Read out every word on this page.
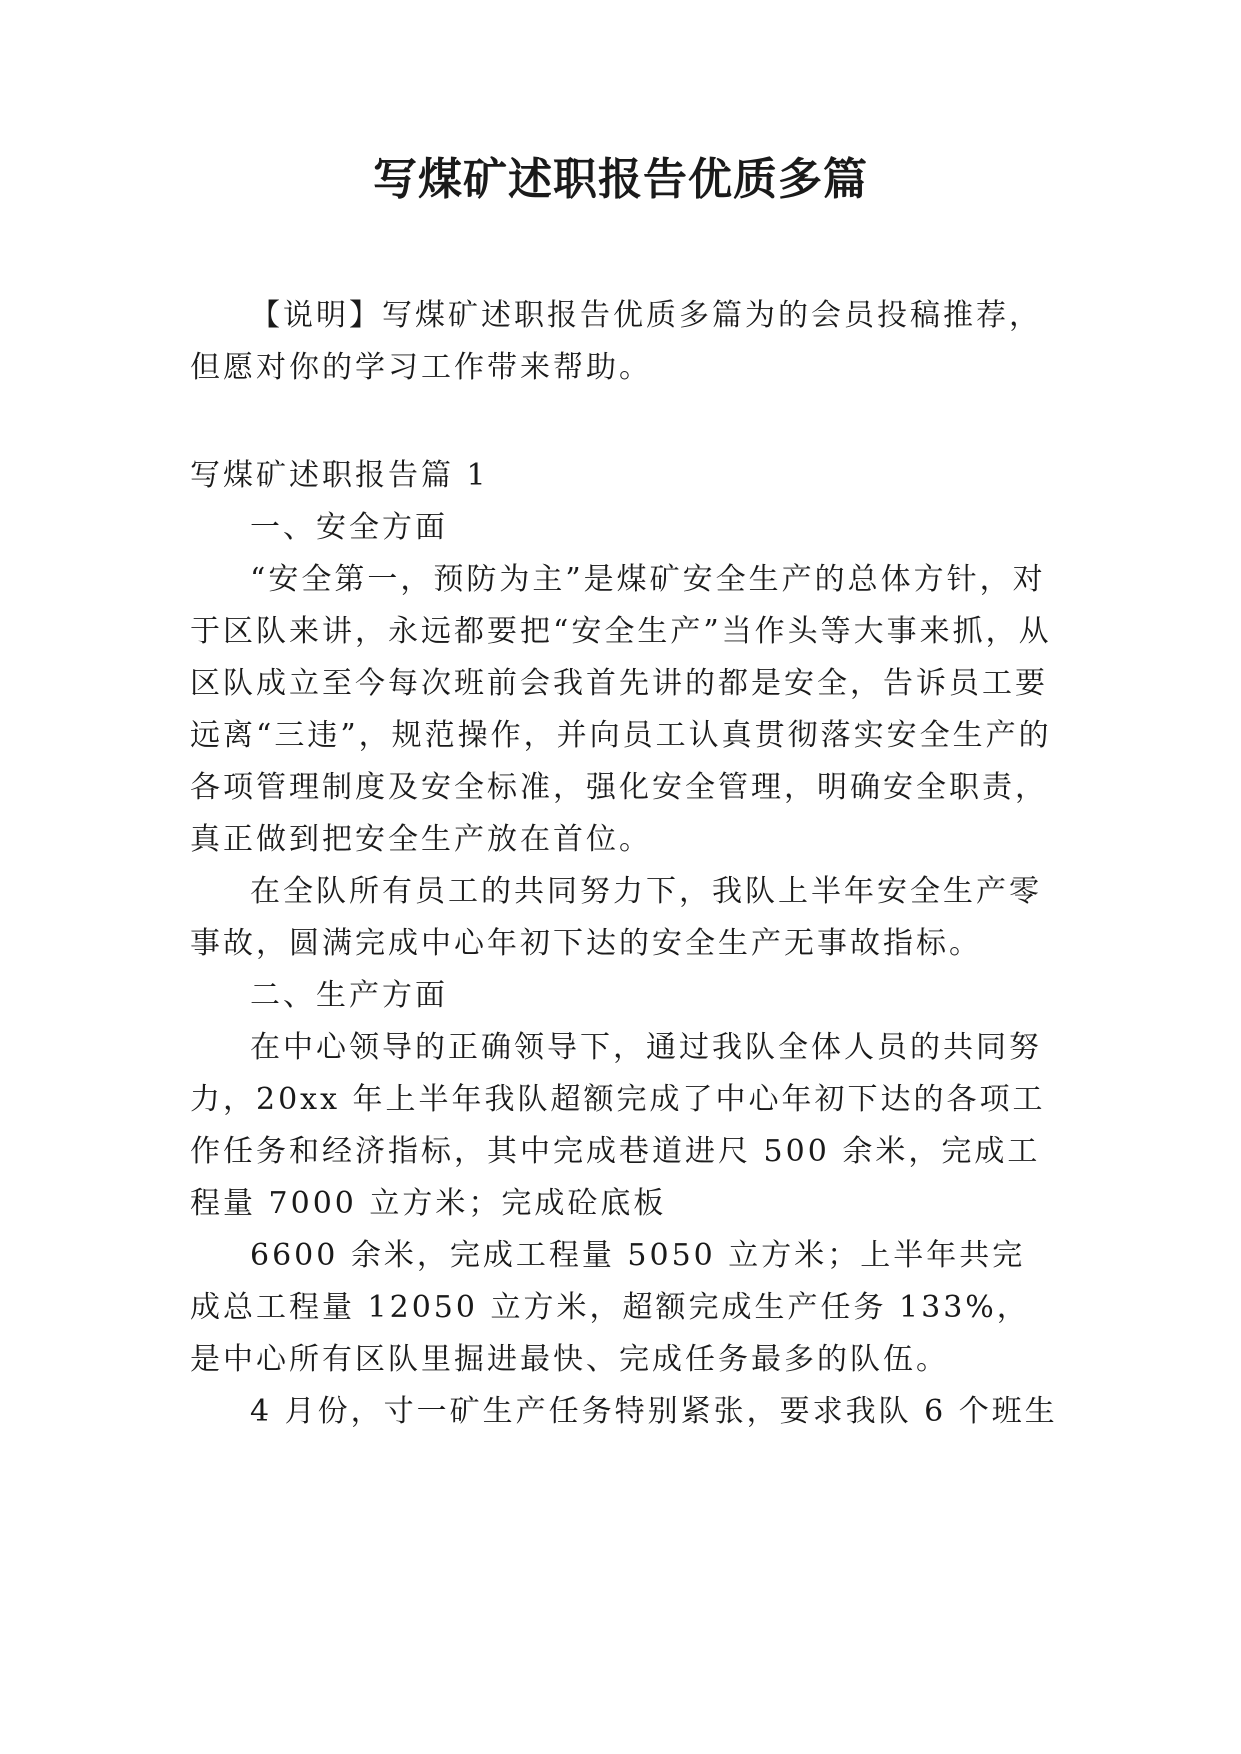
写煤矿述职报告优质多篇

【说明】写煤矿述职报告优质多篇为的会员投稿推荐，但愿对你的学习工作带来帮助。

写煤矿述职报告篇 1

一、安全方面

“安全第一，预防为主”是煤矿安全生产的总体方针，对于区队来讲，永远都要把“安全生产”当作头等大事来抓，从区队成立至今每次班前会我首先讲的都是安全，告诉员工要远离“三违”，规范操作，并向员工认真贯彻落实安全生产的各项管理制度及安全标准，强化安全管理，明确安全职责，真正做到把安全生产放在首位。

在全队所有员工的共同努力下，我队上半年安全生产零事故，圆满完成中心年初下达的安全生产无事故指标。

二、生产方面

在中心领导的正确领导下，通过我队全体人员的共同努力，20xx 年上半年我队超额完成了中心年初下达的各项工作任务和经济指标，其中完成巷道进尺 500 余米，完成工程量 7000 立方米；完成砼底板

6600 余米，完成工程量 5050 立方米；上半年共完成总工程量 12050 立方米，超额完成生产任务 133%，是中心所有区队里掘进最快、完成任务最多的队伍。

4 月份，寸一矿生产任务特别紧张，要求我队 6 个班生
